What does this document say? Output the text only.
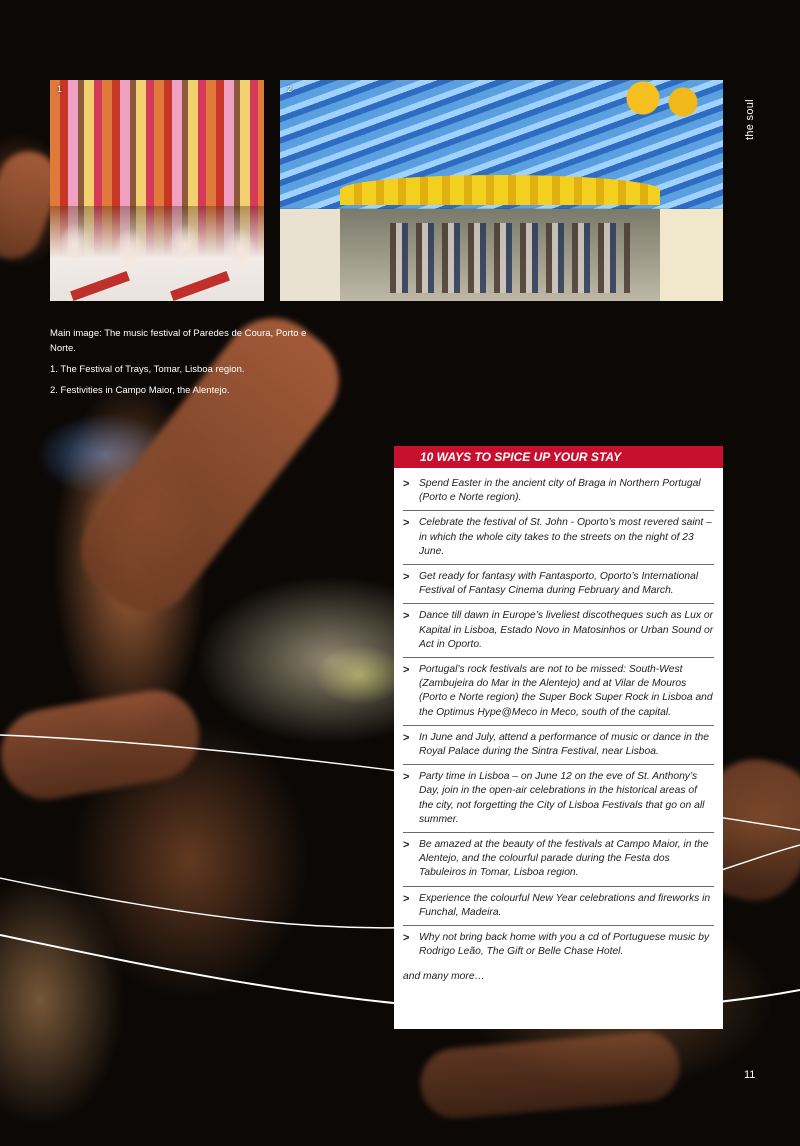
1	2
the soul
11

Main image: The music festival of Paredes de Coura, Porto e Norte.

1. The Festival of Trays, Tomar, Lisboa region.

2. Festivities in Campo Maior, the Alentejo.

10 WAYS TO SPICE UP YOUR STAY
> Spend Easter in the ancient city of Braga in Northern Portugal (Porto e Norte region).
> Celebrate the festival of St. John - Oporto’s most revered saint – in which the whole city takes to the streets on the night of 23 June.
> Get ready for fantasy with Fantasporto, Oporto’s International Festival of Fantasy Cinema during February and March.
> Dance till dawn in Europe’s liveliest discotheques such as Lux or Kapital in Lisboa, Estado Novo in Matosinhos or Urban Sound or Act in Oporto.
> Portugal’s rock festivals are not to be missed: South-West (Zambujeira do Mar in the Alentejo) and at Vilar de Mouros (Porto e Norte region) the Super Bock Super Rock in Lisboa and the Optimus Hype@Meco in Meco, south of the capital.
> In June and July, attend a performance of music or dance in the Royal Palace during the Sintra Festival, near Lisboa.
> Party time in Lisboa – on June 12 on the eve of St. Anthony’s Day, join in the open-air celebrations in the historical areas of the city, not forgetting the City of Lisboa Festivals that go on all summer.
> Be amazed at the beauty of the festivals at Campo Maior, in the Alentejo, and the colourful parade during the Festa dos Tabuleiros in Tomar, Lisboa region.
> Experience the colourful New Year celebrations and fireworks in Funchal, Madeira.
> Why not bring back home with you a cd of Portuguese music by Rodrigo Leão, The Gift or Belle Chase Hotel.
and many more…
